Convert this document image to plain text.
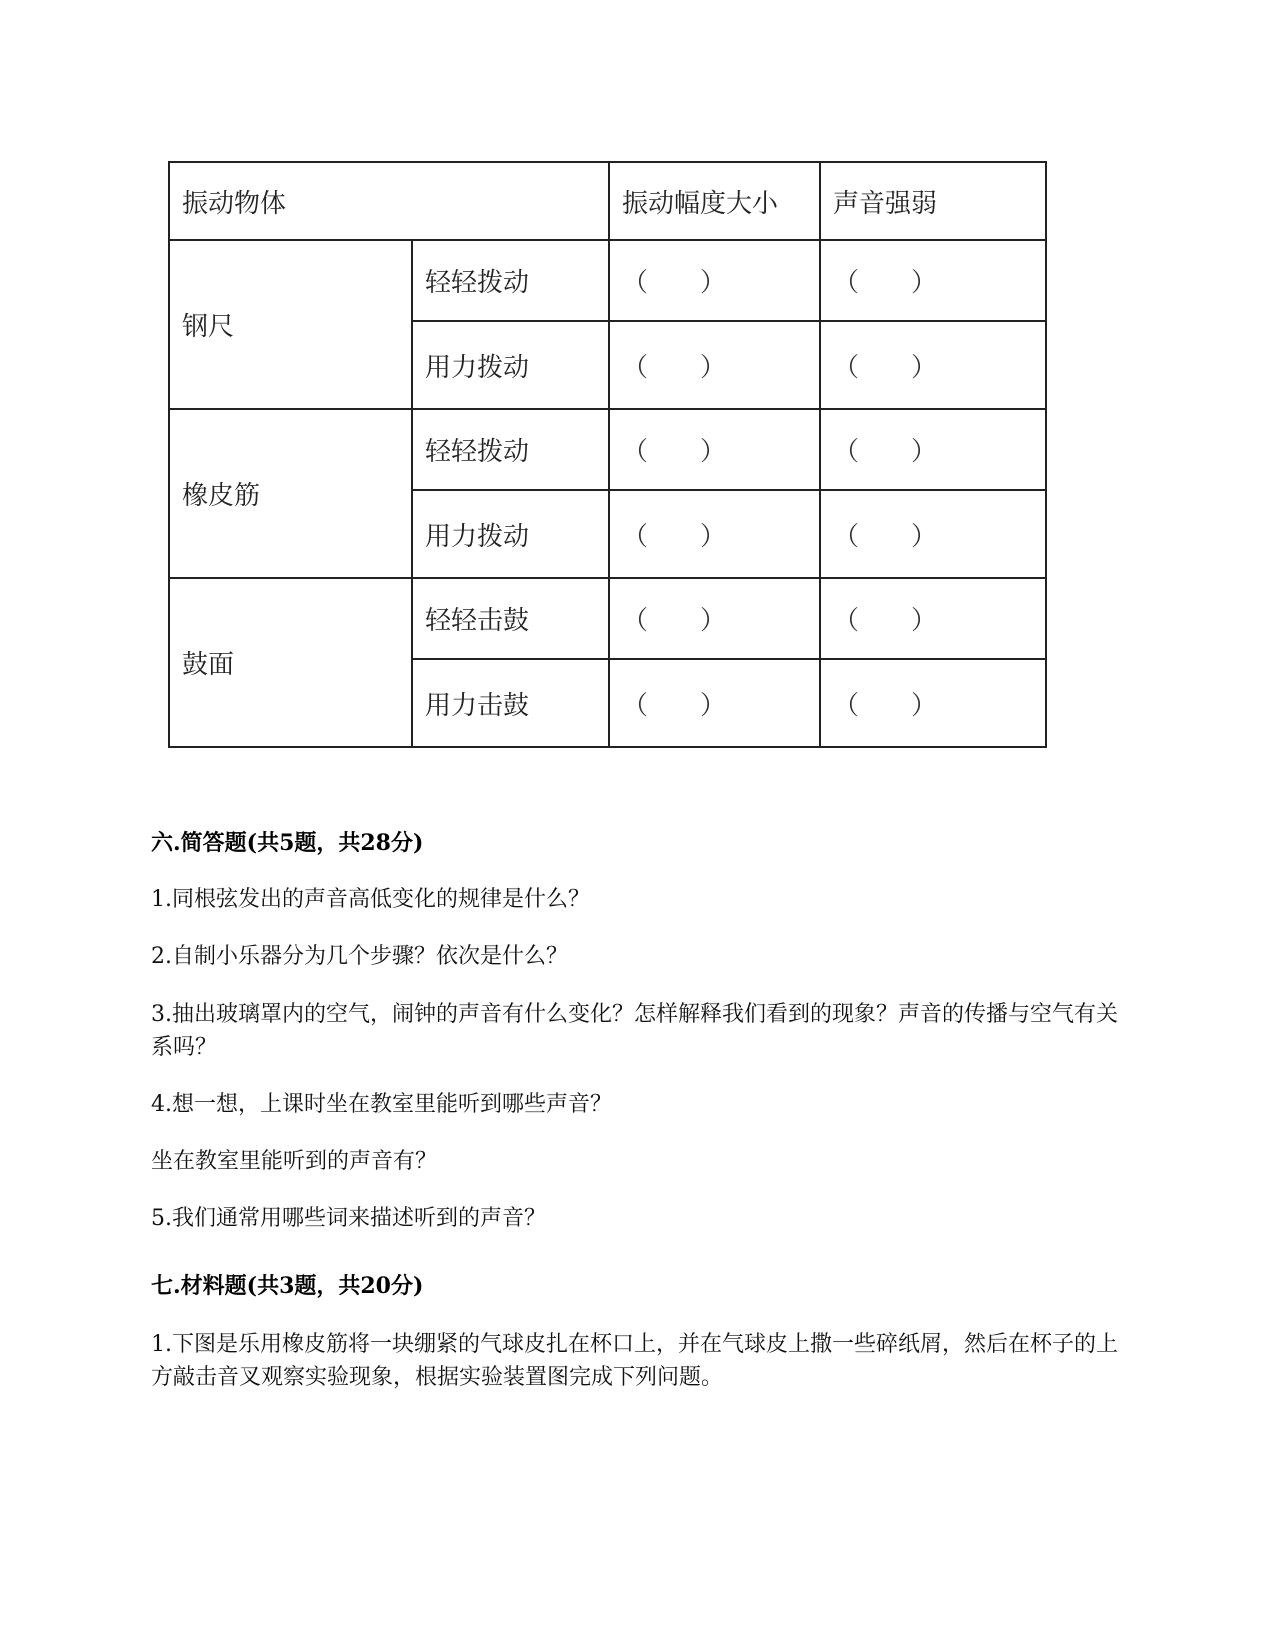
振动物体		振动幅度大小	声音强弱
钢尺	轻轻拨动	（ ）	（ ）

	用力拨动	（ ）	（ ）

橡皮筋	轻轻拨动	（ ）	（ ）

	用力拨动	（ ）	（ ）

鼓面	轻轻击鼓	（ ）	（ ）

	用力击鼓	（ ）	（ ）
六.简答题(共5题，共28分)
1.同根弦发出的声音高低变化的规律是什么？
2.自制小乐器分为几个步骤？依次是什么？
3.抽出玻璃罩内的空气，闹钟的声音有什么变化？怎样解释我们看到的现象？声音的传播与空气有关系吗？
4.想一想，上课时坐在教室里能听到哪些声音？
坐在教室里能听到的声音有？
5.我们通常用哪些词来描述听到的声音？
七.材料题(共3题，共20分)
1.下图是乐用橡皮筋将一块绷紧的气球皮扎在杯口上，并在气球皮上撒一些碎纸屑，然后在杯子的上方敲击音叉观察实验现象，根据实验装置图完成下列问题。
